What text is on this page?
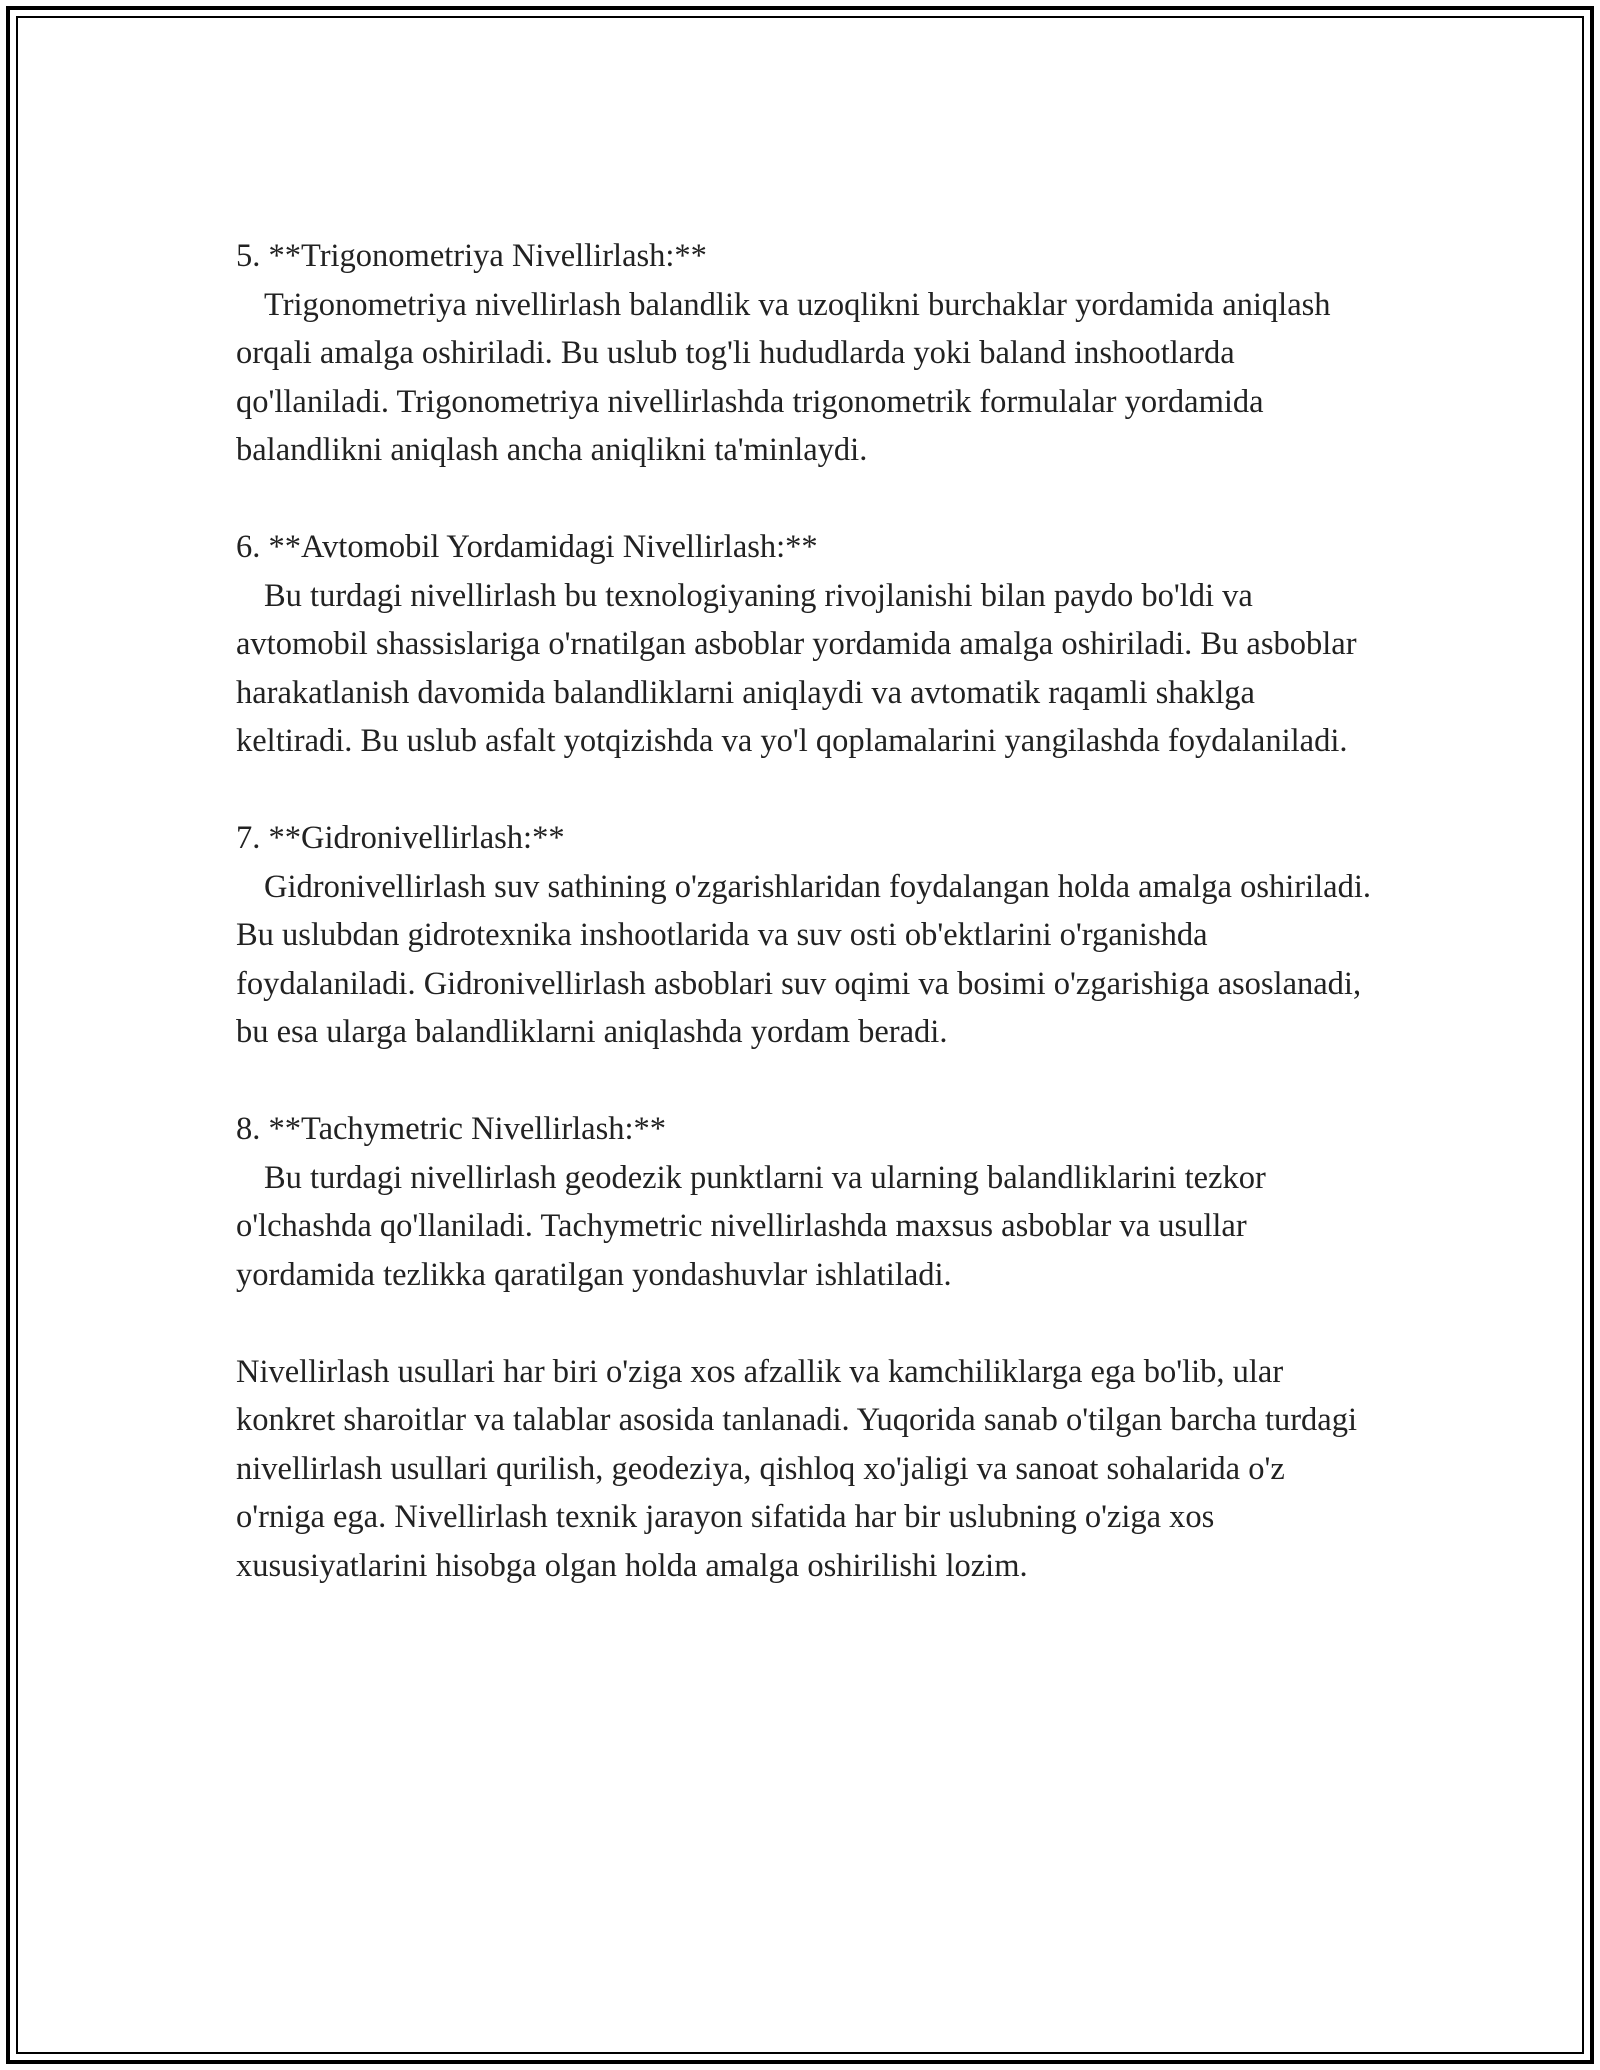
5. **Trigonometriya Nivellirlash:**

Trigonometriya nivellirlash balandlik va uzoqlikni burchaklar yordamida aniqlash orqali amalga oshiriladi. Bu uslub tog'li hududlarda yoki baland inshootlarda qo'llaniladi. Trigonometriya nivellirlashda trigonometrik formulalar yordamida balandlikni aniqlash ancha aniqlikni ta'minlaydi.

6. **Avtomobil Yordamidagi Nivellirlash:**

Bu turdagi nivellirlash bu texnologiyaning rivojlanishi bilan paydo bo'ldi va avtomobil shassislariga o'rnatilgan asboblar yordamida amalga oshiriladi. Bu asboblar harakatlanish davomida balandliklarni aniqlaydi va avtomatik raqamli shaklga keltiradi. Bu uslub asfalt yotqizishda va yo'l qoplamalarini yangilashda foydalaniladi.

7. **Gidronivellirlash:**

Gidronivellirlash suv sathining o'zgarishlaridan foydalangan holda amalga oshiriladi. Bu uslubdan gidrotexnika inshootlarida va suv osti ob'ektlarini o'rganishda foydalaniladi. Gidronivellirlash asboblari suv oqimi va bosimi o'zgarishiga asoslanadi, bu esa ularga balandliklarni aniqlashda yordam beradi.

8. **Tachymetric Nivellirlash:**

Bu turdagi nivellirlash geodezik punktlarni va ularning balandliklarini tezkor o'lchashda qo'llaniladi. Tachymetric nivellirlashda maxsus asboblar va usullar yordamida tezlikka qaratilgan yondashuvlar ishlatiladi.

Nivellirlash usullari har biri o'ziga xos afzallik va kamchiliklarga ega bo'lib, ular konkret sharoitlar va talablar asosida tanlanadi. Yuqorida sanab o'tilgan barcha turdagi nivellirlash usullari qurilish, geodeziya, qishloq xo'jaligi va sanoat sohalarida o'z o'rniga ega. Nivellirlash texnik jarayon sifatida har bir uslubning o'ziga xos xususiyatlarini hisobga olgan holda amalga oshirilishi lozim.
